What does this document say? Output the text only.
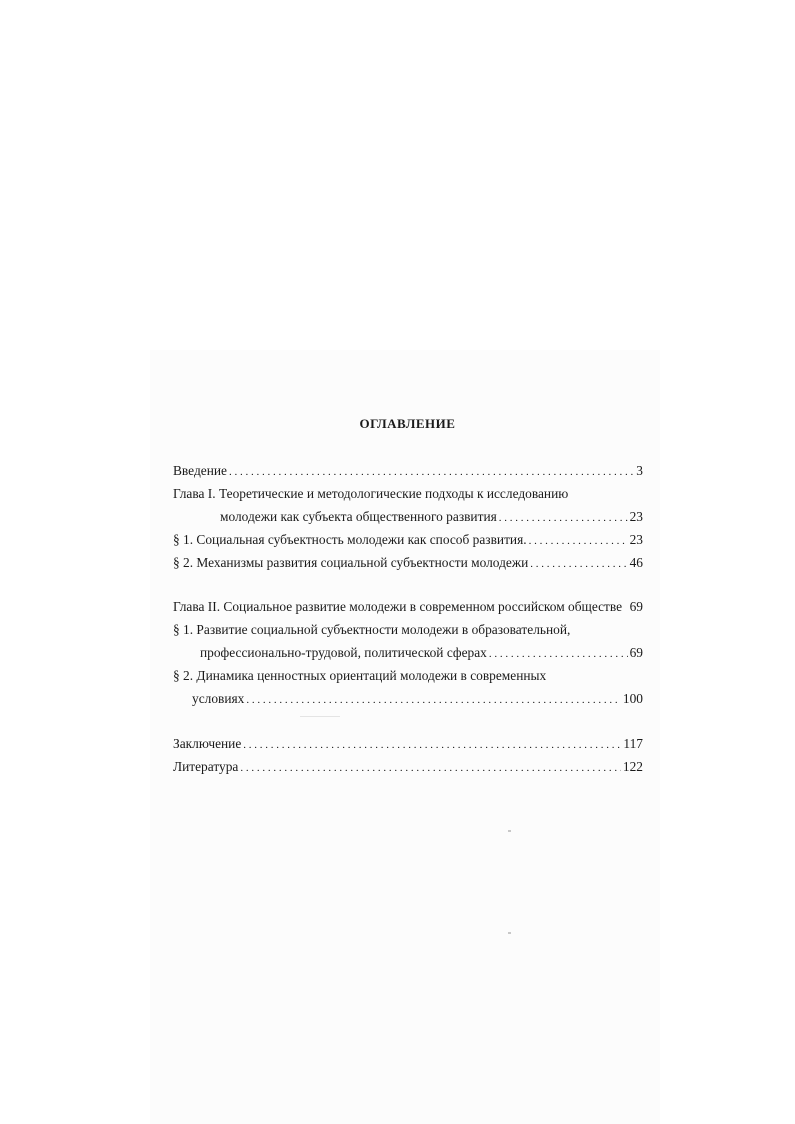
ОГЛАВЛЕНИЕ
Введение . . .	3
Глава I. Теоретические и методологические подходы к исследованию
молодежи как субъекта общественного развития . . .	23
§ 1. Социальная субъектность молодежи как способ развития. . . .	23
§ 2. Механизмы развития социальной субъектности молодежи . . .	46
Глава II. Социальное развитие молодежи в современном российском обществе 69
§ 1. Развитие социальной субъектности молодежи в образовательной,
профессионально-трудовой, политической сферах . . .	69
§ 2. Динамика ценностных ориентаций молодежи в современных
условиях . . .	100
Заключение . . .	117
Литература . . .	122
